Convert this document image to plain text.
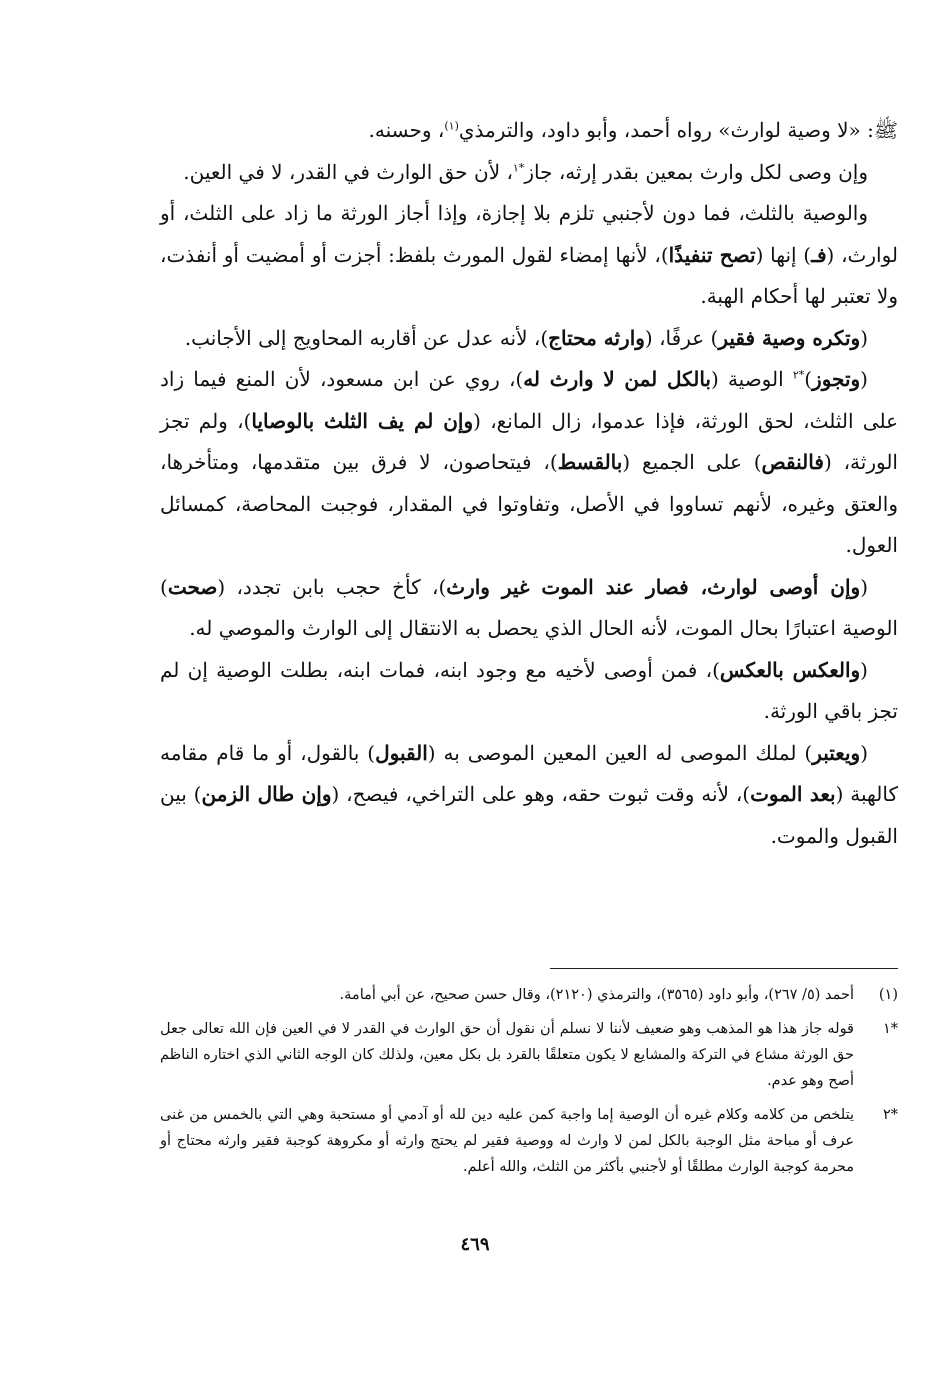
ﷺ: «لا وصية لوارث» رواه أحمد، وأبو داود، والترمذي$^{(١)}$، وحسنه.

وإن وصى لكل وارث بمعين بقدر إرثه، جاز$^{*١}$، لأن حق الوارث في القدر، لا في العين.

والوصية بالثلث، فما دون لأجنبي تلزم بلا إجازة، وإذا أجاز الورثة ما زاد على الثلث، أو لوارث، (فـ) إنها (تصح تنفيذًا)، لأنها إمضاء لقول المورث بلفظ: أجزت أو أمضيت أو أنفذت، ولا تعتبر لها أحكام الهبة.

(وتكره وصية فقير) عرفًا، (وارثه محتاج)، لأنه عدل عن أقاربه المحاويج إلى الأجانب.

(وتجوز)$^{*٢}$ الوصية (بالكل لمن لا وارث له)، روي عن ابن مسعود، لأن المنع فيما زاد على الثلث، لحق الورثة، فإذا عدموا، زال المانع، (وإن لم يف الثلث بالوصايا)، ولم تجز الورثة، (فالنقص) على الجميع (بالقسط)، فيتحاصون، لا فرق بين متقدمها، ومتأخرها، والعتق وغيره، لأنهم تساووا في الأصل، وتفاوتوا في المقدار، فوجبت المحاصة، كمسائل العول.

(وإن أوصى لوارث، فصار عند الموت غير وارث)، كأخ حجب بابن تجدد، (صحت) الوصية اعتبارًا بحال الموت، لأنه الحال الذي يحصل به الانتقال إلى الوارث والموصي له.

(والعكس بالعكس)، فمن أوصى لأخيه مع وجود ابنه، فمات ابنه، بطلت الوصية إن لم تجز باقي الورثة.

(ويعتبر) لملك الموصى له العين المعين الموصى به (القبول) بالقول، أو ما قام مقامه كالهبة (بعد الموت)، لأنه وقت ثبوت حقه، وهو على التراخي، فيصح، (وإن طال الزمن) بين القبول والموت.

(١)
أحمد (٥/ ٢٦٧)، وأبو داود (٣٥٦٥)، والترمذي (٢١٢٠)، وقال حسن صحيح، عن أبي أمامة.
*١
قوله جاز هذا هو المذهب وهو ضعيف لأننا لا نسلم أن نقول أن حق الوارث في القدر لا في العين فإن الله تعالى جعل حق الورثة مشاع في التركة والمشايع لا يكون متعلقًا بالقرد بل بكل معين، ولذلك كان الوجه الثاني الذي اختاره الناظم أصح وهو عدم.
*٢
يتلخص من كلامه وكلام غيره أن الوصية إما واجبة كمن عليه دين لله أو آدمي أو مستحبة وهي التي بالخمس من غنى عرف أو مباحة مثل الوجبة بالكل لمن لا وارث له ووصية فقير لم يحتج وارثه أو مكروهة كوجبة فقير وارثه محتاج أو محرمة كوجبة الوارث مطلقًا أو لأجنبي بأكثر من الثلث، والله أعلم.
٤٦٩
